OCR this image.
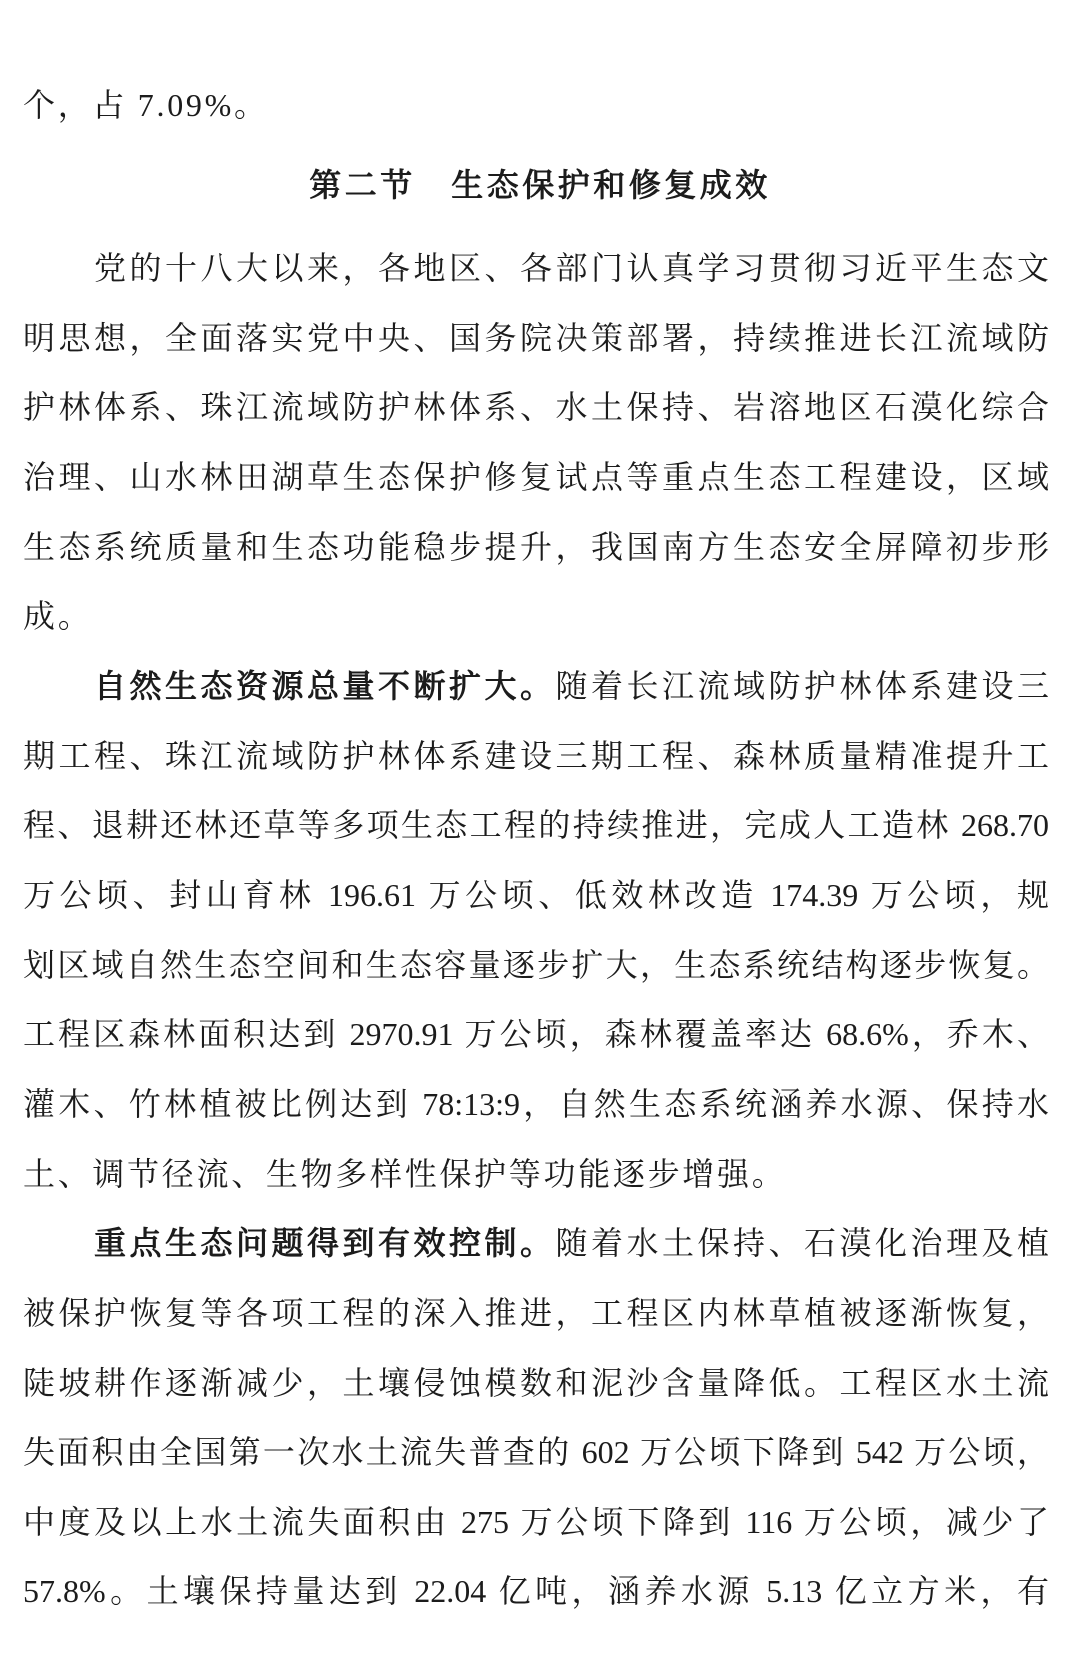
个，占 7.09%。
第二节　生态保护和修复成效
党的十八大以来，各地区、各部门认真学习贯彻习近平生态文
明思想，全面落实党中央、国务院决策部署，持续推进长江流域防
护林体系、珠江流域防护林体系、水土保持、岩溶地区石漠化综合
治理、山水林田湖草生态保护修复试点等重点生态工程建设，区域
生态系统质量和生态功能稳步提升，我国南方生态安全屏障初步形
成。
自然生态资源总量不断扩大。随着长江流域防护林体系建设三
期工程、珠江流域防护林体系建设三期工程、森林质量精准提升工
程、退耕还林还草等多项生态工程的持续推进，完成人工造林 268.70
万公顷、封山育林 196.61 万公顷、低效林改造 174.39 万公顷，规
划区域自然生态空间和生态容量逐步扩大，生态系统结构逐步恢复。
工程区森林面积达到 2970.91 万公顷，森林覆盖率达 68.6%，乔木、
灌木、竹林植被比例达到 78:13:9，自然生态系统涵养水源、保持水
土、调节径流、生物多样性保护等功能逐步增强。
重点生态问题得到有效控制。随着水土保持、石漠化治理及植
被保护恢复等各项工程的深入推进，工程区内林草植被逐渐恢复，
陡坡耕作逐渐减少，土壤侵蚀模数和泥沙含量降低。工程区水土流
失面积由全国第一次水土流失普查的 602 万公顷下降到 542 万公顷，
中度及以上水土流失面积由 275 万公顷下降到 116 万公顷，减少了
57.8%。土壤保持量达到 22.04 亿吨，涵养水源 5.13 亿立方米，有
